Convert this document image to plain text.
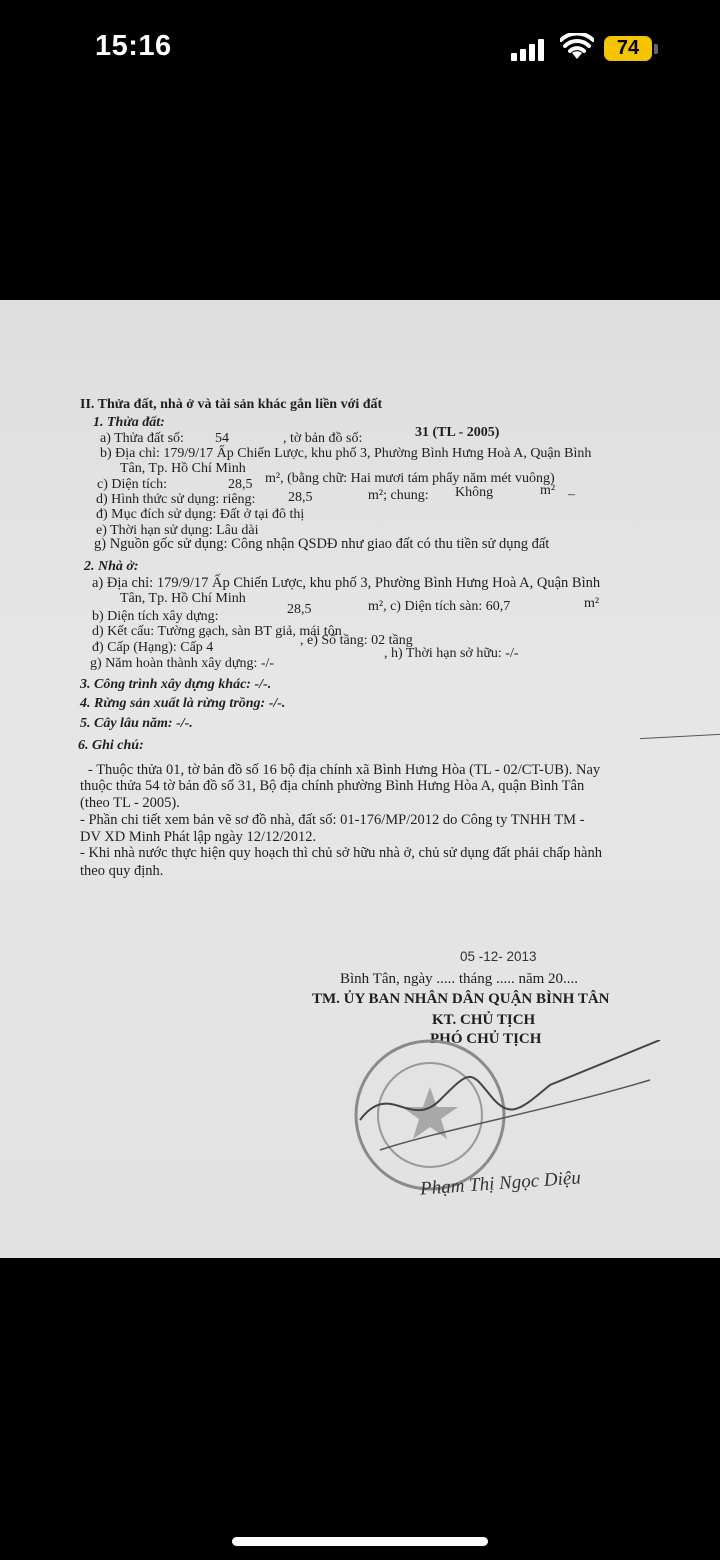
15:16	74
II. Thửa đất, nhà ở và tài sản khác gắn liền với đất
1. Thửa đất:
a) Thửa đất số: 54	, tờ bản đồ số:	31 (TL - 2005)
b) Địa chỉ: 179/9/17 Ấp Chiến Lược, khu phố 3, Phường Bình Hưng Hoà A, Quận Bình
Tân, Tp. Hồ Chí Minh
c) Diện tích:	28,5 m², (bằng chữ: Hai mươi tám phẩy năm mét vuông)
d) Hình thức sử dụng: riêng: 28,5	m²; chung: Không	m² –
đ) Mục đích sử dụng: Đất ở tại đô thị
e) Thời hạn sử dụng: Lâu dài
g) Nguồn gốc sử dụng: Công nhận QSDĐ như giao đất có thu tiền sử dụng đất
2. Nhà ở:
a) Địa chỉ: 179/9/17 Ấp Chiến Lược, khu phố 3, Phường Bình Hưng Hoà A, Quận Bình
Tân, Tp. Hồ Chí Minh
b) Diện tích xây dựng:	28,5	m², c) Diện tích sàn: 60,7	m²
d) Kết cấu: Tường gạch, sàn BT giả, mái tôn
đ) Cấp (Hạng): Cấp 4	, e) Số tầng: 02 tầng
g) Năm hoàn thành xây dựng: -/-
, h) Thời hạn sở hữu: -/-
3. Công trình xây dựng khác: -/-.
4. Rừng sản xuất là rừng trồng: -/-.
5. Cây lâu năm: -/-.
6. Ghi chú:
- Thuộc thửa 01, tờ bản đồ số 16 bộ địa chính xã Bình Hưng Hòa (TL - 02/CT-UB). Nay
thuộc thửa 54 tờ bản đồ số 31, Bộ địa chính phường Bình Hưng Hòa A, quận Bình Tân
(theo TL - 2005).
- Phần chi tiết xem bản vẽ sơ đồ nhà, đất số: 01-176/MP/2012 do Công ty TNHH TM -
DV XD Minh Phát lập ngày 12/12/2012.
- Khi nhà nước thực hiện quy hoạch thì chủ sở hữu nhà ở, chủ sử dụng đất phải chấp hành
theo quy định.
05 -12- 2013
Bình Tân, ngày ..... tháng ..... năm 20....
TM. ỦY BAN NHÂN DÂN QUẬN BÌNH TÂN
KT. CHỦ TỊCH
PHÓ CHỦ TỊCH
Phạm Thị Ngọc Diệu
